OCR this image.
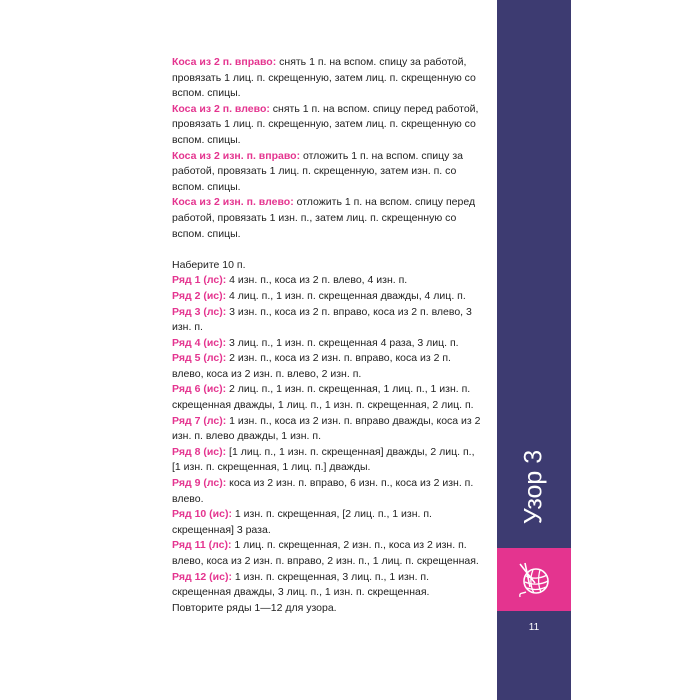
Коса из 2 п. вправо: снять 1 п. на вспом. спицу за работой, провязать 1 лиц. п. скрещенную, затем лиц. п. скрещенную со вспом. спицы.

Коса из 2 п. влево: снять 1 п. на вспом. спицу перед работой, провязать 1 лиц. п. скрещенную, затем лиц. п. скрещенную со вспом. спицы.

Коса из 2 изн. п. вправо: отложить 1 п. на вспом. спицу за работой, провязать 1 лиц. п. скрещенную, затем изн. п. со вспом. спицы.

Коса из 2 изн. п. влево: отложить 1 п. на вспом. спицу перед работой, провязать 1 изн. п., затем лиц. п. скрещенную со вспом. спицы.

Наберите 10 п.

Ряд 1 (лс): 4 изн. п., коса из 2 п. влево, 4 изн. п.

Ряд 2 (ис): 4 лиц. п., 1 изн. п. скрещенная дважды, 4 лиц. п.

Ряд 3 (лс): 3 изн. п., коса из 2 п. вправо, коса из 2 п. влево, 3 изн. п.

Ряд 4 (ис): 3 лиц. п., 1 изн. п. скрещенная 4 раза, 3 лиц. п.

Ряд 5 (лс): 2 изн. п., коса из 2 изн. п. вправо, коса из 2 п. влево, коса из 2 изн. п. влево, 2 изн. п.

Ряд 6 (ис): 2 лиц. п., 1 изн. п. скрещенная, 1 лиц. п., 1 изн. п. скрещенная дважды, 1 лиц. п., 1 изн. п. скрещенная, 2 лиц. п.

Ряд 7 (лс): 1 изн. п., коса из 2 изн. п. вправо дважды, коса из 2 изн. п. влево дважды, 1 изн. п.

Ряд 8 (ис): [1 лиц. п., 1 изн. п. скрещенная] дважды, 2 лиц. п., [1 изн. п. скрещенная, 1 лиц. п.] дважды.

Ряд 9 (лс): коса из 2 изн. п. вправо, 6 изн. п., коса из 2 изн. п. влево.

Ряд 10 (ис): 1 изн. п. скрещенная, [2 лиц. п., 1 изн. п. скрещенная] 3 раза.

Ряд 11 (лс): 1 лиц. п. скрещенная, 2 изн. п., коса из 2 изн. п. влево, коса из 2 изн. п. вправо, 2 изн. п., 1 лиц. п. скрещенная.

Ряд 12 (ис): 1 изн. п. скрещенная, 3 лиц. п., 1 изн. п. скрещенная дважды, 3 лиц. п., 1 изн. п. скрещенная.

Повторите ряды 1—12 для узора.

Узор 3
11
